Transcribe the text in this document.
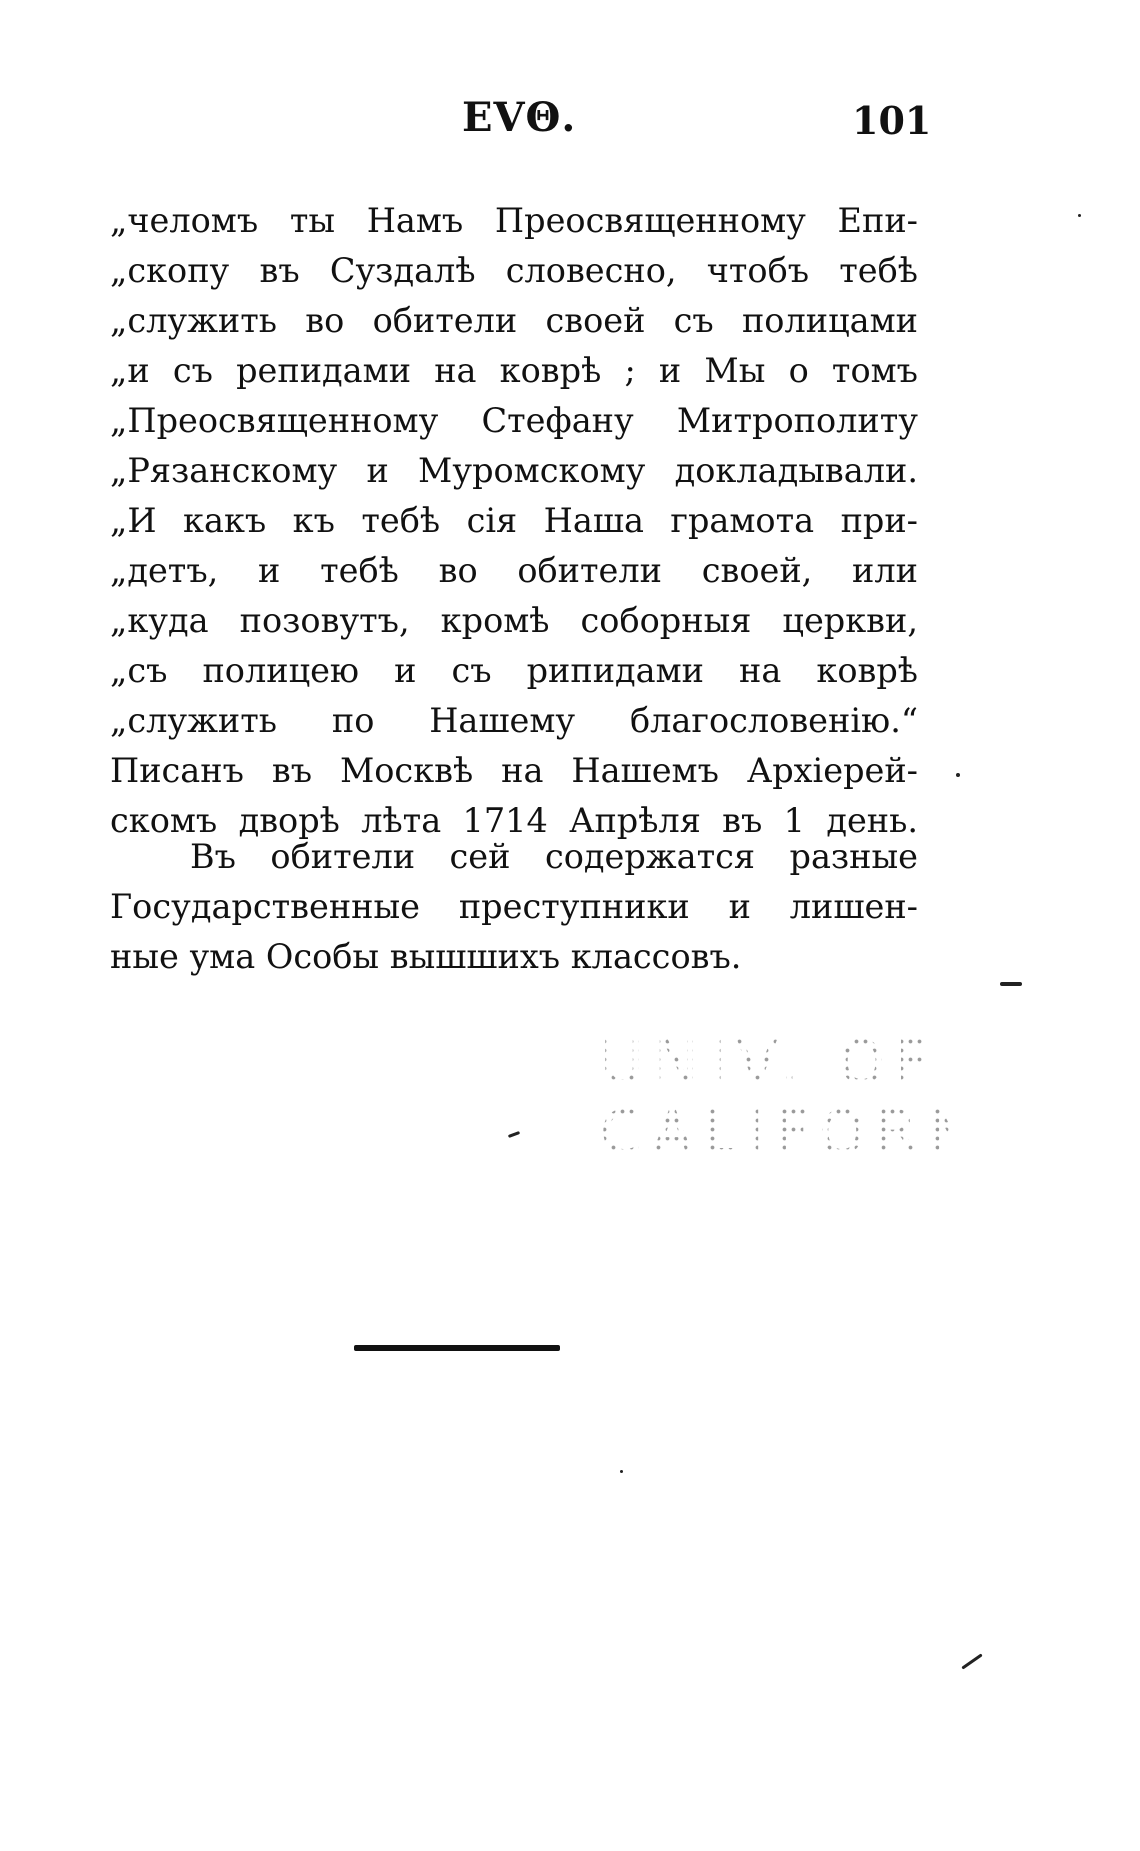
EVΘ.	101
„челомъ ты Намъ Преосвященному Епи-
„скопу въ Суздалѣ словесно, чтобъ тебѣ
„служить во обители своей съ полицами
„и съ репидами на коврѣ ; и Мы о томъ
„Преосвященному Стефану Митрополиту
„Рязанскому и Муромскому докладывали.
„И какъ къ тебѣ сія Наша грамота при-
„детъ, и тебѣ во обители своей, или
„куда позовутъ, кромѣ соборныя церкви,
„съ полицею и съ рипидами на коврѣ
„служить по Нашему благословенію.“
Писанъ въ Москвѣ на Нашемъ Архіерей-
скомъ дворѣ лѣта 1714 Апрѣля въ 1 день.
Въ обители сей содержатся разные
Государственные преступники и лишен-
ные ума Особы вышшихъ классовъ.
UNIV. OF
CALIFORN
